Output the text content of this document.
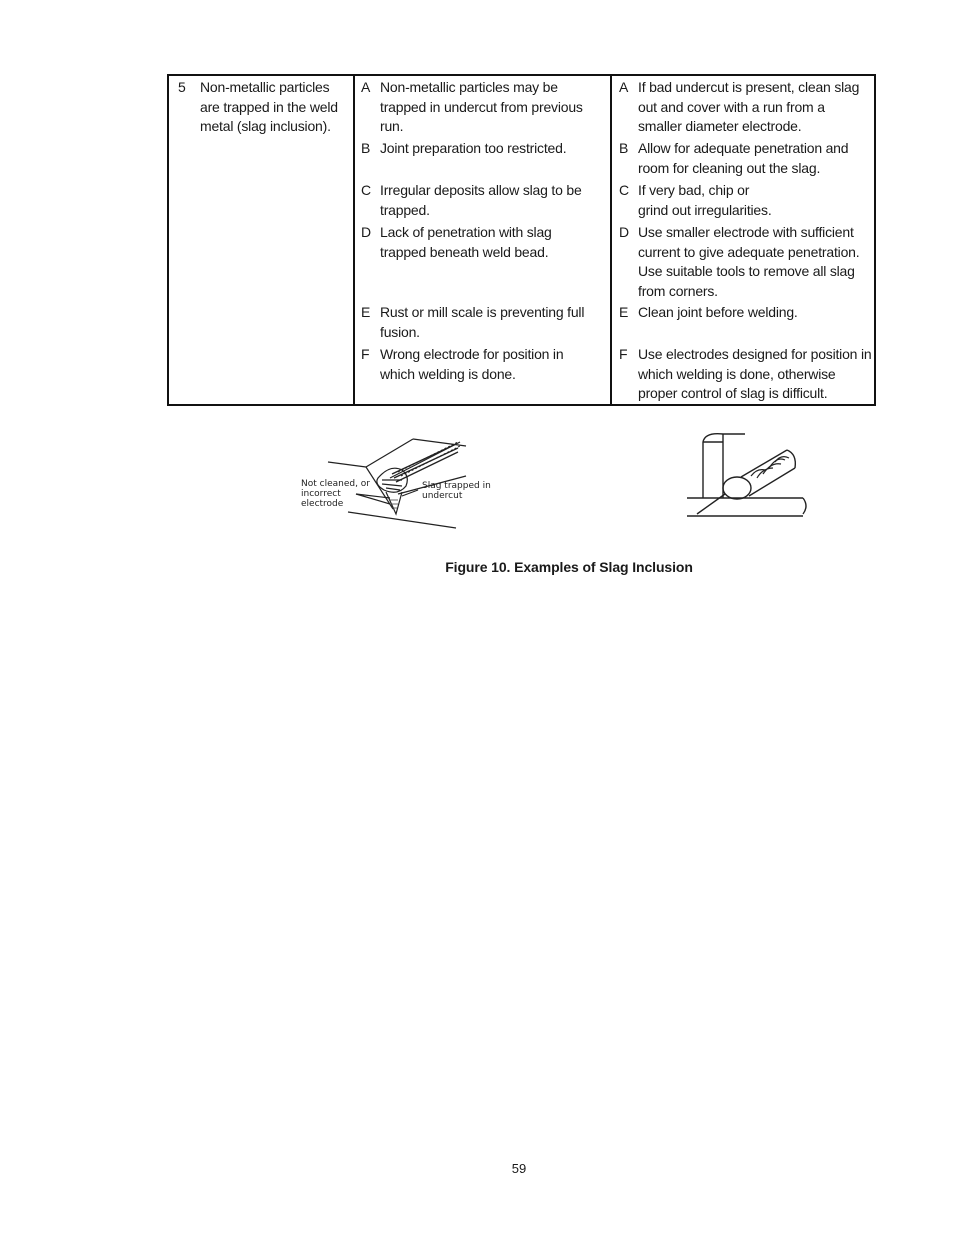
5	Non-metallic particles are trapped in the weld metal (slag inclusion).
A Non-metallic particles may be trapped in undercut from previous run.
B Joint preparation too restricted.
C Irregular deposits allow slag to be trapped.
D Lack of penetration with slag trapped beneath weld bead.
E Rust or mill scale is preventing full fusion.
F Wrong electrode for position in which welding is done.
A If bad undercut is present, clean slag out and cover with a run from a smaller diameter electrode.
B Allow for adequate penetration and room for cleaning out the slag.
C If very bad, chip or grind out irregularities.
D Use smaller electrode with sufficient current to give adequate penetration. Use suitable tools to remove all slag from corners.
E Clean joint before welding.
F Use electrodes designed for position in which welding is done, otherwise proper control of slag is difficult.
Not cleaned, or incorrect electrode
Slag trapped in undercut
Figure 10. Examples of Slag Inclusion
59
